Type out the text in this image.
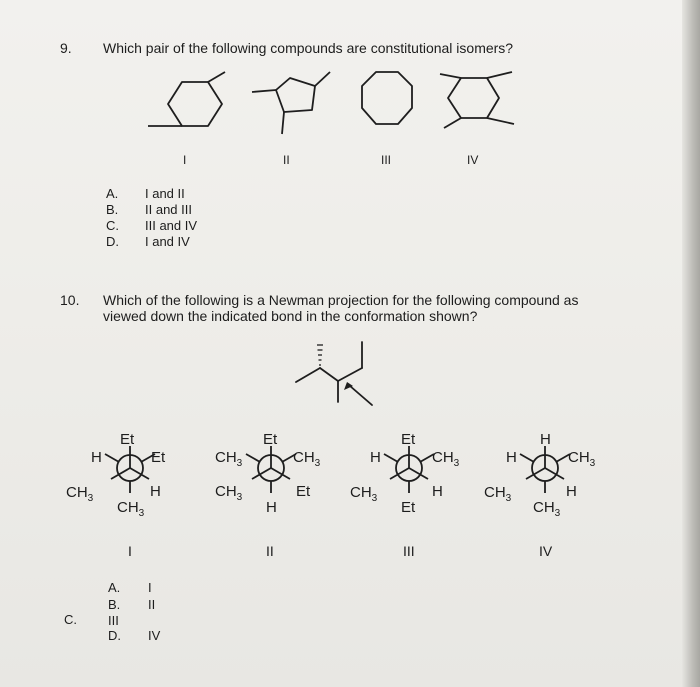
9. Which pair of the following compounds are constitutional isomers?
I	II	III	IV
A. I and II
B. II and III
C. III and IV
D. I and IV
10. Which of the following is a Newman projection for the following compound as
viewed down the indicated bond in the conformation shown?
Et
H	Et
$CH_3$	H
$CH_3$
Et
$CH_3$	$CH_3$
$CH_3$	Et
H
Et
H	$CH_3$
$CH_3$	H
Et
H
H	$CH_3$
$CH_3$	H
$CH_3$
I	II	III	IV
A. I
B. II
C. III
D. IV
